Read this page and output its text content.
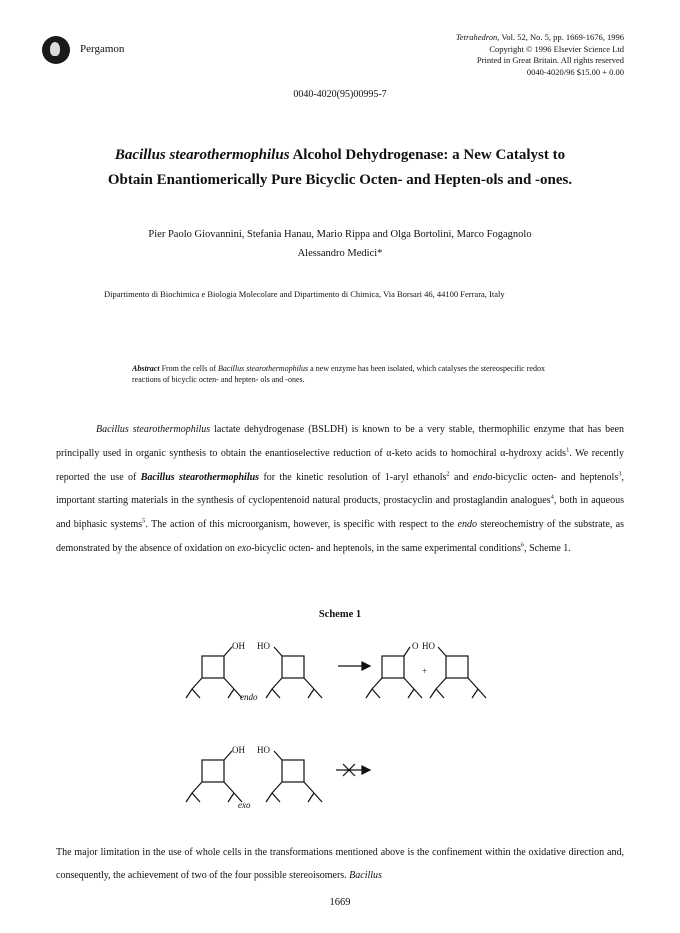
Pergamon
Tetrahedron, Vol. 52, No. 5, pp. 1669-1676, 1996
Copyright © 1996 Elsevier Science Ltd
Printed in Great Britain. All rights reserved
0040-4020/96 $15.00 + 0.00
0040-4020(95)00995-7
Bacillus stearothermophilus Alcohol Dehydrogenase: a New Catalyst to
Obtain Enantiomerically Pure Bicyclic Octen- and Hepten-ols and -ones.
Pier Paolo Giovannini, Stefania Hanau, Mario Rippa and Olga Bortolini, Marco Fogagnolo
Alessandro Medici*
Dipartimento di Biochimica e Biologia Molecolare and Dipartimento di Chimica, Via Borsari 46, 44100 Ferrara, Italy
Abstract From the cells of Bacillus stearothermophilus a new enzyme has been isolated, which catalyses the stereospecific redox reactions of bicyclic octen- and hepten- ols and -ones.

Bacillus stearothermophilus lactate dehydrogenase (BSLDH) is known to be a very stable, thermophilic enzyme that has been principally used in organic synthesis to obtain the enantioselective reduction of α-keto acids to homochiral α-hydroxy acids$^1$. We recently reported the use of Bacillus stearothermophilus for the kinetic resolution of 1-aryl ethanols$^2$ and endo-bicyclic octen- and heptenols$^3$, important starting materials in the synthesis of cyclopentenoid natural products, prostacyclin and prostaglandin analogues$^4$, both in aqueous and biphasic systems$^5$. The action of this microorganism, however, is specific with respect to the endo stereochemistry of the substrate, as demonstrated by the absence of oxidation on exo-bicyclic octen- and heptenols, in the same experimental conditions$^6$, Scheme 1.

Scheme 1
OH HO
endo
O
+
HO
OH HO
exo
The major limitation in the use of whole cells in the transformations mentioned above is the confinement within the oxidative direction and, consequently, the achievement of two of the four possible stereoisomers. Bacillus
1669
